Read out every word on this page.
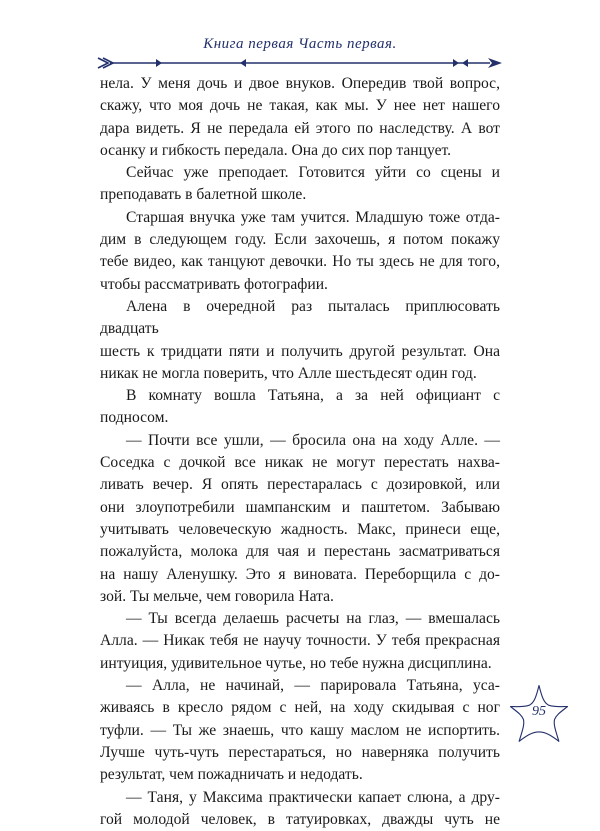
Книга первая Часть первая.

нела. У меня дочь и двое внуков. Опередив твой вопрос,

скажу, что моя дочь не такая, как мы. У нее нет нашего

дара видеть. Я не передала ей этого по наследству. А вот

осанку и гибкость передала. Она до сих пор танцует.

Сейчас уже преподает. Готовится уйти со сцены и

преподавать в балетной школе.

Старшая внучка уже там учится. Младшую тоже отда-

дим в следующем году. Если захочешь, я потом покажу

тебе видео, как танцуют девочки. Но ты здесь не для того,

чтобы рассматривать фотографии.

Алена в очередной раз пыталась приплюсовать двадцать

шесть к тридцати пяти и получить другой результат. Она

никак не могла поверить, что Алле шестьдесят один год.

В комнату вошла Татьяна, а за ней официант с подносом.

— Почти все ушли, — бросила она на ходу Алле. —

Соседка с дочкой все никак не могут перестать нахва-

ливать вечер. Я опять перестаралась с дозировкой, или

они злоупотребили шампанским и паштетом. Забываю

учитывать человеческую жадность. Макс, принеси еще,

пожалуйста, молока для чая и перестань засматриваться

на нашу Аленушку. Это я виновата. Переборщила с до-

зой. Ты мельче, чем говорила Ната.

— Ты всегда делаешь расчеты на глаз, — вмешалась

Алла. — Никак тебя не научу точности. У тебя прекрасная

интуиция, удивительное чутье, но тебе нужна дисциплина.

— Алла, не начинай, — парировала Татьяна, уса-

живаясь в кресло рядом с ней, на ходу скидывая с ног

туфли. — Ты же знаешь, что кашу маслом не испортить.

Лучше чуть-чуть перестараться, но наверняка получить

результат, чем пожадничать и недодать.

— Таня, у Максима практически капает слюна, а дру-

гой молодой человек, в татуировках, дважды чуть не

95
